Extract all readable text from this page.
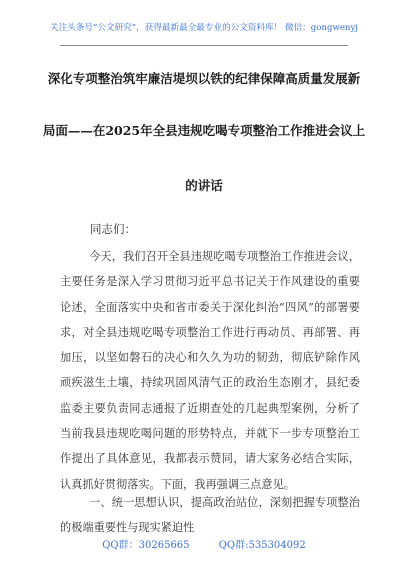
关注头条号“公文研究”，获得最新最全最专业的公文资料库！ 微信：gongwenyj
深化专项整治筑牢廉洁堤坝以铁的纪律保障高质量发展新
局面——在2025年全县违规吃喝专项整治工作推进会议上
的讲话
同志们：

今天，我们召开全县违规吃喝专项整治工作推进会议，主要任务是深入学习贯彻习近平总书记关于作风建设的重要论述，全面落实中央和省市委关于深化纠治“四风”的部署要求，对全县违规吃喝专项整治工作进行再动员、再部署、再加压，以坚如磐石的决心和久久为功的韧劲，彻底铲除作风顽疾滋生土壤，持续巩固风清气正的政治生态刚才，县纪委监委主要负责同志通报了近期查处的几起典型案例，分析了当前我县违规吃喝问题的形势特点，并就下一步专项整治工作提出了具体意见，我都表示赞同，请大家务必结合实际，认真抓好贯彻落实。下面，我再强调三点意见。

一、统一思想认识，提高政治站位，深刻把握专项整治的极端重要性与现实紧迫性

QQ群：30265665	QQ群:535304092
